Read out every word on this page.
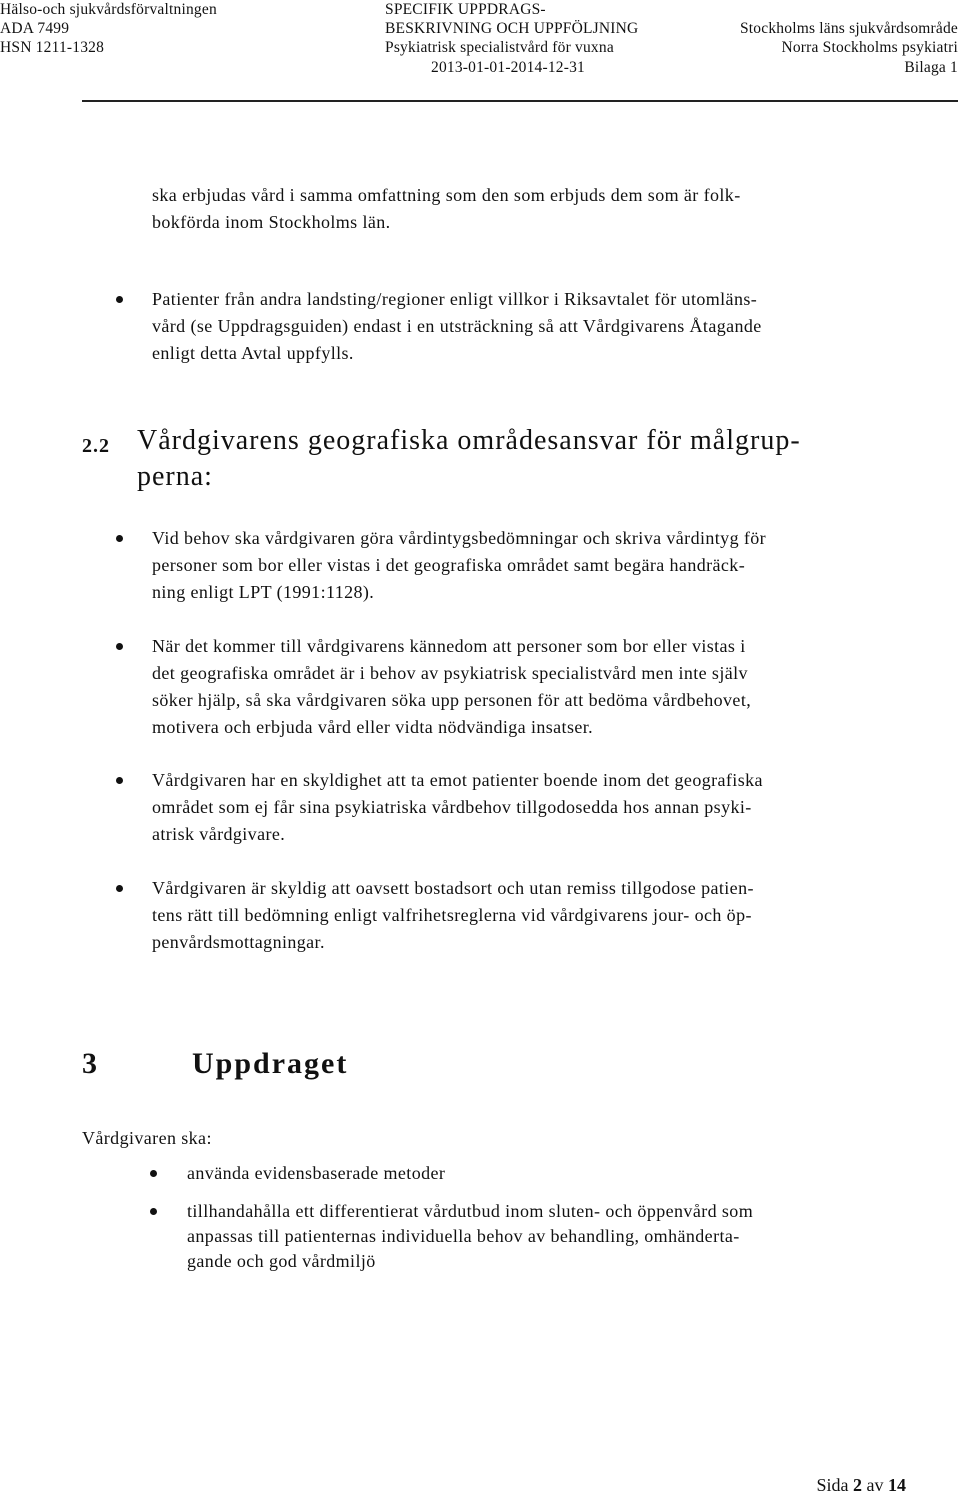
Hälso-och sjukvårdsförvaltningen
ADA 7499
HSN 1211-1328
SPECIFIK UPPDRAGS-
BESKRIVNING OCH UPPFÖLJNING
Psykiatrisk specialistvård för vuxna
2013-01-01-2014-12-31
Stockholms läns sjukvårdsområde
Norra Stockholms psykiatri
Bilaga 1
ska erbjudas vård i samma omfattning som den som erbjuds dem som är folk-
bokförda inom Stockholms län.
Patienter från andra landsting/regioner enligt villkor i Riksavtalet för utomläns-
vård (se Uppdragsguiden) endast i en utsträckning så att Vårdgivarens Åtagande
enligt detta Avtal uppfylls.
2.2 Vårdgivarens geografiska områdesansvar för målgrup-
perna:
Vid behov ska vårdgivaren göra vårdintygsbedömningar och skriva vårdintyg för
personer som bor eller vistas i det geografiska området samt begära handräck-
ning enligt LPT (1991:1128).
När det kommer till vårdgivarens kännedom att personer som bor eller vistas i
det geografiska området är i behov av psykiatrisk specialistvård men inte själv
söker hjälp, så ska vårdgivaren söka upp personen för att bedöma vårdbehovet,
motivera och erbjuda vård eller vidta nödvändiga insatser.
Vårdgivaren har en skyldighet att ta emot patienter boende inom det geografiska
området som ej får sina psykiatriska vårdbehov tillgodosedda hos annan psyki-
atrisk vårdgivare.
Vårdgivaren är skyldig att oavsett bostadsort och utan remiss tillgodose patien-
tens rätt till bedömning enligt valfrihetsreglerna vid vårdgivarens jour- och öp-
penvårdsmottagningar.
3	Uppdraget
Vårdgivaren ska:
använda evidensbaserade metoder
tillhandahålla ett differentierat vårdutbud inom sluten- och öppenvård som
anpassas till patienternas individuella behov av behandling, omhänderta-
gande och god vårdmiljö
Sida 2 av 14
